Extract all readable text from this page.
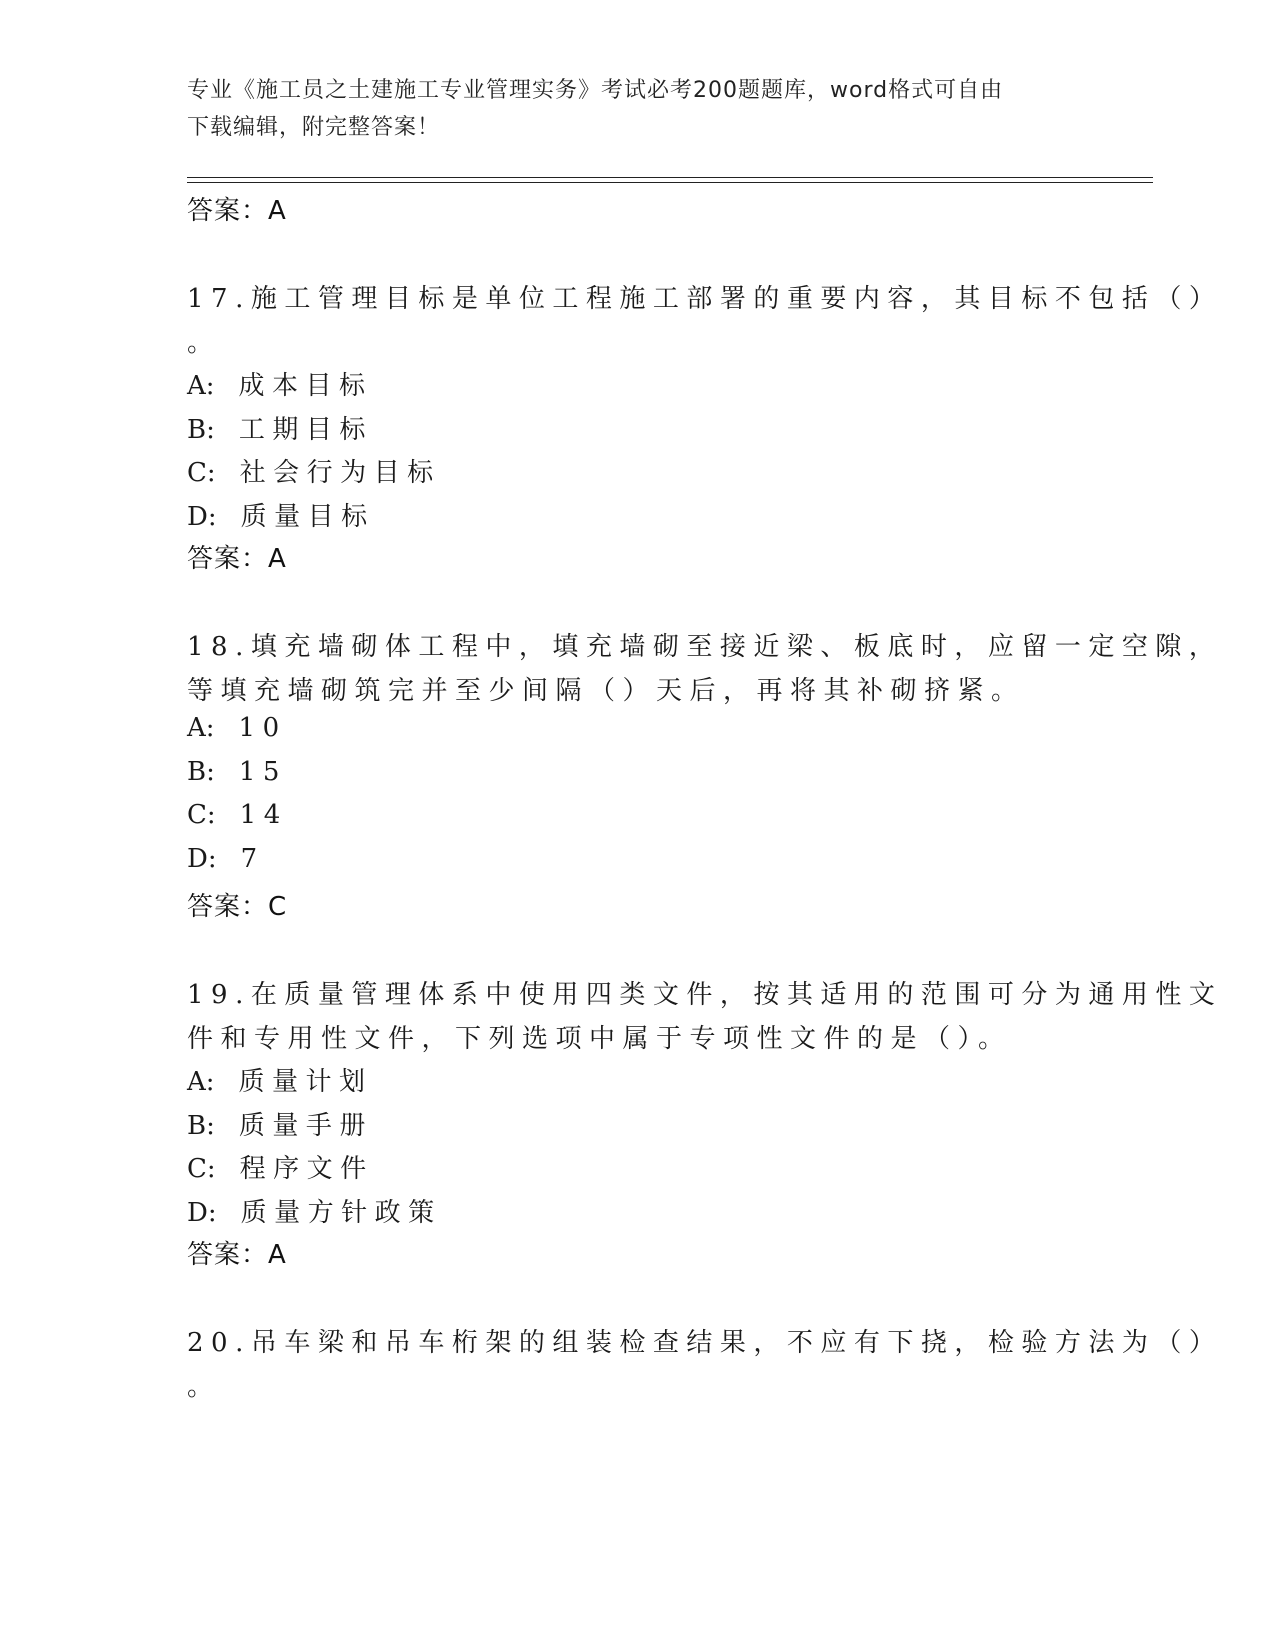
专业《施工员之土建施工专业管理实务》考试必考200题题库，word格式可自由
下载编辑，附完整答案！
答案：A
17.施工管理目标是单位工程施工部署的重要内容，其目标不包括（）
。
A: 成本目标
B: 工期目标
C: 社会行为目标
D: 质量目标
答案：A
18.填充墙砌体工程中，填充墙砌至接近梁、板底时，应留一定空隙，
等填充墙砌筑完并至少间隔（）天后，再将其补砌挤紧。
A: 10
B: 15
C: 14
D: 7
答案：C
19.在质量管理体系中使用四类文件，按其适用的范围可分为通用性文
件和专用性文件，下列选项中属于专项性文件的是（）。
A: 质量计划
B: 质量手册
C: 程序文件
D: 质量方针政策
答案：A
20.吊车梁和吊车桁架的组装检查结果，不应有下挠，检验方法为（）
。
